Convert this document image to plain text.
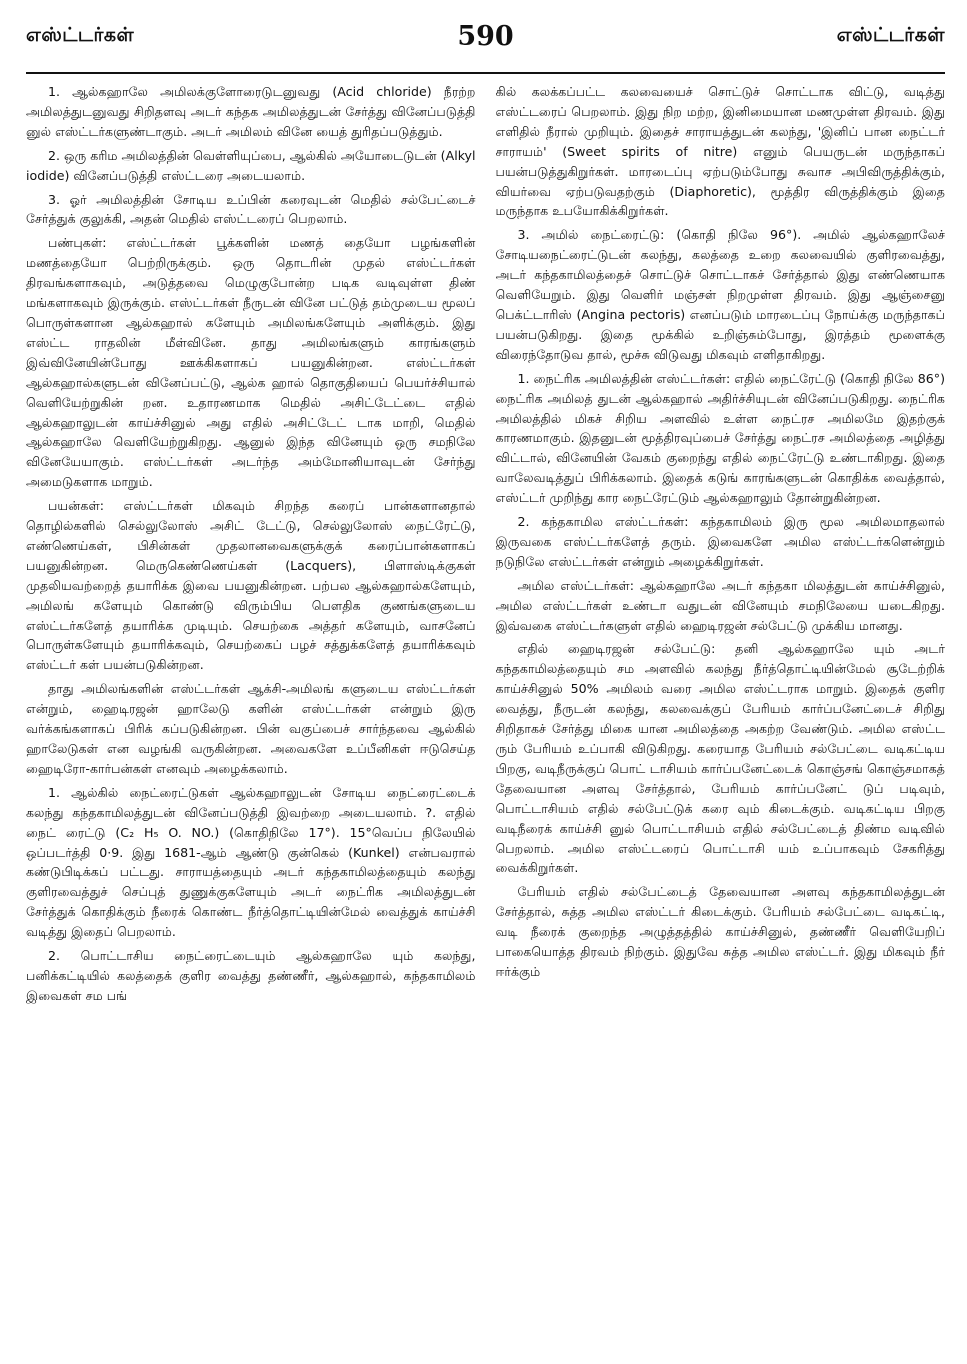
எஸ்ட்டர்கள்	590	எஸ்ட்டர்கள்

1. ஆல்கஹாலே அமிலக்குளோரைடுடனுவது (Acid chloride) நீரற்ற அமிலத்துடனுவது சிறிதளவு அடர் கந்தக அமிலத்துடன் சேர்த்து வினேப்படுத்தி னுல் எஸ்ட்டர்களுண்டாகும். அடர் அமிலம் வினே யைத் துரிதப்படுத்தும்.

2. ஒரு கரிம அமிலத்தின் வெள்ளியுப்பை, ஆல்கில் அயோடைடுடன் (Alkyl iodide) வினேப்படுத்தி எஸ்ட்டரை அடையலாம்.

3. ஓர் அமிலத்தின் சோடிய உப்பின் கரைவுடன் மெதில் சல்பேட்டைச் சேர்த்துக் குலுக்கி, அதன் மெதில் எஸ்ட்டரைப் பெறலாம்.

பண்புகள்: எஸ்ட்டர்கள் பூக்களின் மணத் தையோ பழங்களின் மணத்தையோ பெற்றிருக்கும். ஒரு தொடரின் முதல் எஸ்ட்டர்கள் திரவங்களாகவும், அடுத்தவை மெழுகுபோன்ற படிக வடிவுள்ள திண் மங்களாகவும் இருக்கும். எஸ்ட்டர்கள் நீருடன் வினே பட்டுத் தம்முடைய மூலப் பொருள்களான ஆல்கஹால் களேயும் அமிலங்களேயும் அளிக்கும். இது எஸ்ட்ட ராதலின் மீள்வினே. தாது அமிலங்களும் காரங்களும் இவ்வினேயின்போது ஊக்கிகளாகப் பயனுகின்றன. எஸ்ட்டர்கள் ஆல்கஹால்களுடன் வினேப்பட்டு, ஆல்க ஹால் தொகுதியைப் பெயர்ச்சியால் வெளியேற்றுகின் றன. உதாரணமாக மெதில் அசிட்டேட்டை எதில் ஆல்கஹாலுடன் காய்ச்சினுல் அது எதில் அசிட்டேட் டாக மாறி, மெதில் ஆல்கஹாலே வெளியேற்றுகிறது. ஆனுல் இந்த வினேயும் ஒரு சமநிலே வினேயேயாகும். எஸ்ட்டர்கள் அடர்ந்த அம்மோனியாவுடன் சேர்ந்து அமைடுகளாக மாறும்.

பயன்கள்: எஸ்ட்டர்கள் மிகவும் சிறந்த கரைப் பான்களானதால் தொழில்களில் செல்லுலோஸ் அசிட் டேட்டு, செல்லுலோஸ் நைட்ரேட்டு, எண்ணெய்கள், பிசின்கள் முதலானவைகளுக்குக் கரைப்பான்களாகப் பயனுகின்றன. மெருகெண்ணெய்கள் (Lacquers), பிளாஸ்டிக்குகள் முதலியவற்றைத் தயாரிக்க இவை பயனுகின்றன. பற்பல ஆல்கஹால்களேயும், அமிலங் களேயும் கொண்டு விரும்பிய பௌதிக குணங்களுடைய எஸ்ட்டர்களேத் தயாரிக்க முடியும். செயற்கை அத்தர் களேயும், வாசனேப் பொருள்களேயும் தயாரிக்கவும், செயற்கைப் பழச் சத்துக்களேத் தயாரிக்கவும் எஸ்ட்டர் கள் பயன்படுகின்றன.

தாது அமிலங்களின் எஸ்ட்டர்கள் ஆக்சி-அமிலங் களுடைய எஸ்ட்டர்கள் என்றும், ஹைடிரஜன் ஹாலேடு களின் எஸ்ட்டர்கள் என்றும் இரு வர்க்கங்களாகப் பிரிக் கப்படுகின்றன. பின் வகுப்பைச் சார்ந்தவை ஆல்கில் ஹாலேடுகள் என வழங்கி வருகின்றன. அவைகளே உப்பீனிகள் ஈடுசெய்த ஹைடிரோ-கார்பன்கள் எனவும் அழைக்கலாம்.

1. ஆல்கில் நைட்ரைட்டுகள் ஆல்கஹாலுடன் சோடிய நைட்ரைட்டைக் கலந்து கந்தகாமிலத்துடன் வினேப்படுத்தி இவற்றை அடையலாம். ?. எதில் நைட் ரைட்டு (C₂ H₅ O. NO.) (கொதிநிலே 17°). 15°வெப்ப நிலேயில் ஒப்படர்த்தி 0·9. இது 1681-ஆம் ஆண்டு குன்கெல் (Kunkel) என்பவரால் கண்டுபிடிக்கப் பட்டது. சாராயத்தையும் அடர் கந்தகாமிலத்தையும் கலந்து குளிரவைத்துச் செப்புத் துணுக்குகளேயும் அடர் நைட்ரிக அமிலத்துடன் சேர்த்துக் கொதிக்கும் நீரைக் கொண்ட நீர்த்தொட்டியின்மேல் வைத்துக் காய்ச்சி வடித்து இதைப் பெறலாம்.

2. பொட்டாசிய நைட்ரைட்டையும் ஆல்கஹாலே யும் கலந்து, பனிக்கட்டியில் கலத்தைக் குளிர வைத்து தண்ணீர், ஆல்கஹால், கந்தகாமிலம் இவைகள் சம பங்

கில் கலக்கப்பட்ட கலவையைச் சொட்டுச் சொட்டாக விட்டு, வடித்து எஸ்ட்டரைப் பெறலாம். இது நிற மற்ற, இனிமையான மணமுள்ள திரவம். இது எளிதில் நீரால் முறியும். இதைச் சாராயத்துடன் கலந்து, 'இனிப் பான நைட்டர் சாராயம்' (Sweet spirits of nitre) எனும் பெயருடன் மருந்தாகப் பயன்படுத்துகிறுர்கள். மாரடைப்பு ஏற்படும்போது சுவாச அபிவிருத்திக்கும், வியர்வை ஏற்படுவதற்கும் (Diaphoretic), மூத்திர விருத்திக்கும் இதை மருந்தாக உபயோகிக்கிறுர்கள்.

3. அமில் நைட்ரைட்டு: (கொதி நிலே 96°). அமில் ஆல்கஹாலேச் சோடியநைட்ரைட்டுடன் கலந்து, கலத்தை உறை கலவையில் குளிரவைத்து, அடர் கந்தகாமிலத்தைச் சொட்டுச் சொட்டாகச் சேர்த்தால் இது எண்ணெயாக வெளியேறும். இது வெளிர் மஞ்சள் நிறமுள்ள திரவம். இது ஆஞ்சைனு பெக்ட்டாரிஸ் (Angina pectoris) எனப்படும் மாரடைப்பு நோய்க்கு மருந்தாகப் பயன்படுகிறது. இதை மூக்கில் உறிஞ்சும்போது, இரத்தம் மூளைக்கு விரைந்தோடுவ தால், மூச்சு விடுவது மிகவும் எளிதாகிறது.

1. நைட்ரிக அமிலத்தின் எஸ்ட்டர்கள்: எதில் நைட்ரேட்டு (கொதி நிலே 86°) நைட்ரிக அமிலத் துடன் ஆல்கஹால் அதிர்ச்சியுடன் வினேப்படுகிறது. நைட்ரிக அமிலத்தில் மிகச் சிறிய அளவில் உள்ள நைட்ரச அமிலமே இதற்குக் காரணமாகும். இதனுடன் மூத்திரவுப்பைச் சேர்த்து நைட்ரச அமிலத்தை அழித்து விட்டால், வினேயின் வேகம் குறைந்து எதில் நைட்ரேட்டு உண்டாகிறது. இதை வாலேவடித்துப் பிரிக்கலாம். இதைக் கடுங் காரங்களுடன் கொதிக்க வைத்தால், எஸ்ட்டர் முறிந்து கார நைட்ரேட்டும் ஆல்கஹாலும் தோன்றுகின்றன.

2. கந்தகாமில எஸ்ட்டர்கள்: கந்தகாமிலம் இரு மூல அமிலமாதலால் இருவகை எஸ்ட்டர்களேத் தரும். இவைகளே அமில எஸ்ட்டர்களென்றும் நடுநிலே எஸ்ட்டர்கள் என்றும் அழைக்கிறுர்கள்.

அமில எஸ்ட்டர்கள்: ஆல்கஹாலே அடர் கந்தகா மிலத்துடன் காய்ச்சினுல், அமில எஸ்ட்டர்கள் உண்டா வதுடன் வினேயும் சமநிலேயை யடைகிறது. இவ்வகை எஸ்ட்டர்களுள் எதில் ஹைடிரஜன் சல்பேட்டு முக்கிய மானது.

எதில் ஹைடிரஜன் சல்பேட்டு: தனி ஆல்கஹாலே யும் அடர் கந்தகாமிலத்தையும் சம அளவில் கலந்து நீர்த்தொட்டியின்மேல் சூடேற்றிக் காய்ச்சினுல் 50% அமிலம் வரை அமில எஸ்ட்டராக மாறும். இதைக் குளிர வைத்து, நீருடன் கலந்து, கலவைக்குப் பேரியம் கார்ப்பனேட்டைச் சிறிது சிறிதாகச் சேர்த்து மிகை யான அமிலத்தை அகற்ற வேண்டும். அமில எஸ்ட்ட ரும் பேரியம் உப்பாகி விடுகிறது. கரையாத பேரியம் சல்பேட்டை வடிகட்டிய பிறகு, வடிநீருக்குப் பொட் டாசியம் கார்ப்பனேட்டைக் கொஞ்சங் கொஞ்சமாகத் தேவையான அளவு சேர்த்தால், பேரியம் கார்ப்பனேட் டுப் படிவும், பொட்டாசியம் எதில் சல்பேட்டுக் கரை வும் கிடைக்கும். வடிகட்டிய பிறகு வடிநீரைக் காய்ச்சி னுல் பொட்டாசியம் எதில் சல்பேட்டைத் திண்ம வடிவில் பெறலாம். அமில எஸ்ட்டரைப் பொட்டாசி யம் உப்பாகவும் சேகரித்து வைக்கிறுர்கள்.

பேரியம் எதில் சல்பேட்டைத் தேவையான அளவு கந்தகாமிலத்துடன் சேர்த்தால், சுத்த அமில எஸ்ட்டர் கிடைக்கும். பேரியம் சல்பேட்டை வடிகட்டி, வடி நீரைக் குறைந்த அழுத்தத்தில் காய்ச்சினுல், தண்ணீர் வெளியேறிப் பாகையொத்த திரவம் நிற்கும். இதுவே சுத்த அமில எஸ்ட்டர். இது மிகவும் நீர் ஈர்க்கும்
